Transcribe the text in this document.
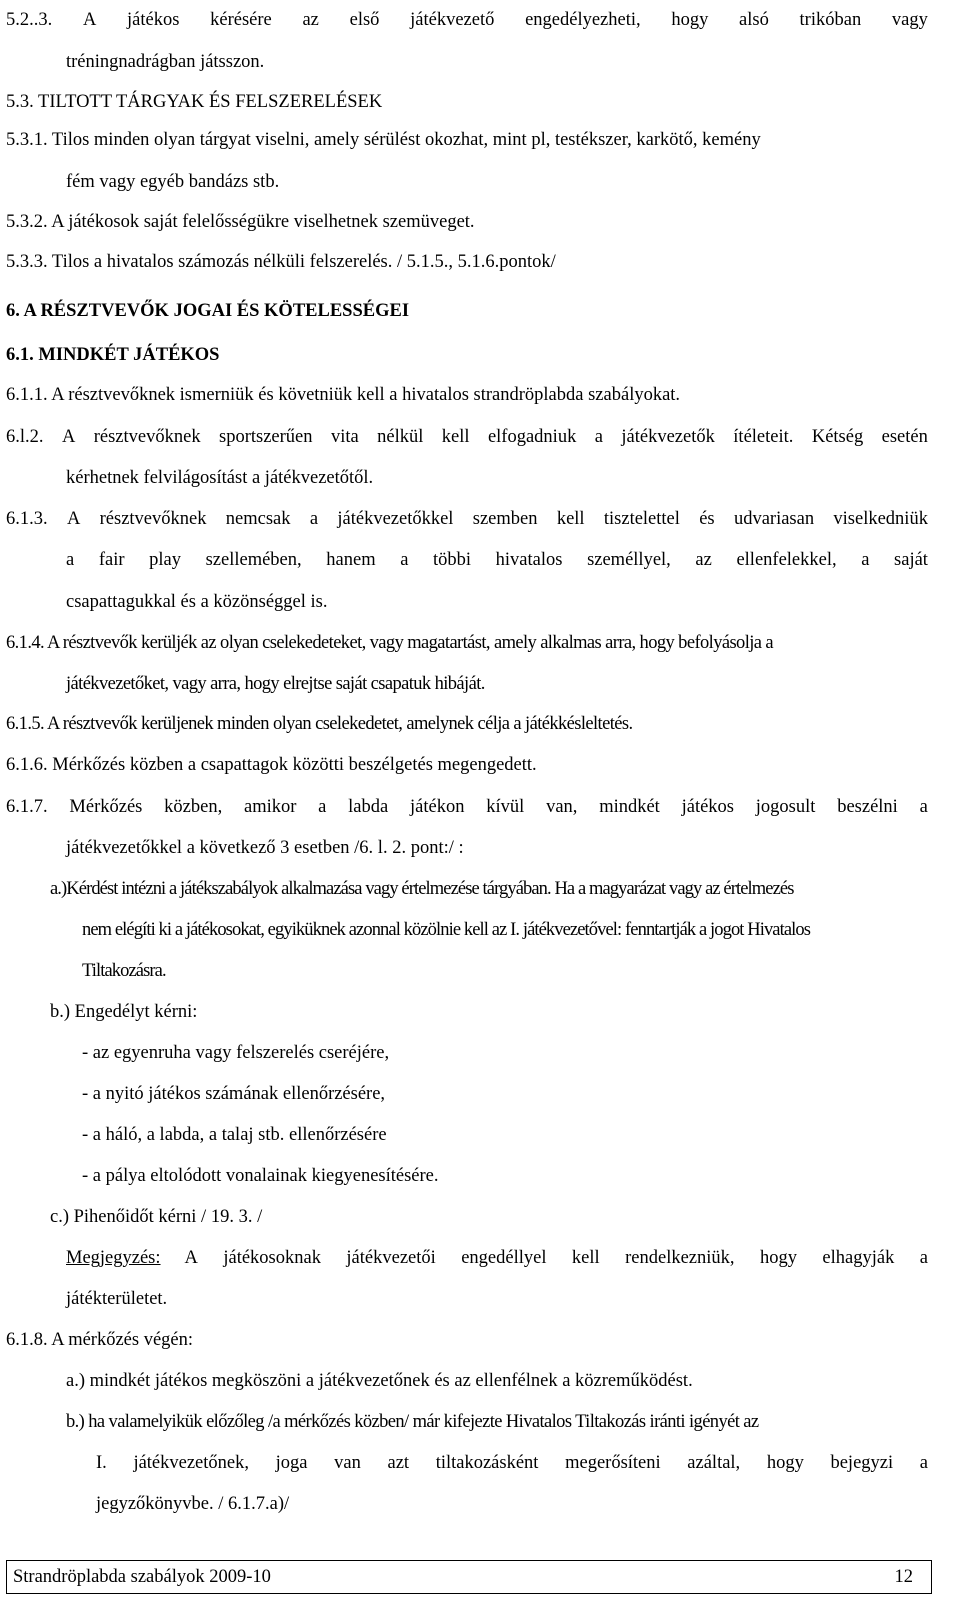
5.2..3. A játékos kérésére az első játékvezető engedélyezheti, hogy alsó trikóban vagy
tréningnadrágban játsszon.
5.3. TILTOTT TÁRGYAK ÉS FELSZERELÉSEK
5.3.1. Tilos minden olyan tárgyat viselni, amely sérülést okozhat, mint pl, testékszer, karkötő, kemény
fém vagy egyéb bandázs stb.
5.3.2. A játékosok saját felelősségükre viselhetnek szemüveget.
5.3.3. Tilos a hivatalos számozás nélküli felszerelés. / 5.1.5., 5.1.6.pontok/
6. A RÉSZTVEVŐK JOGAI ÉS KÖTELESSÉGEI
6.1. MINDKÉT JÁTÉKOS
6.1.1. A résztvevőknek ismerniük és követniük kell a hivatalos strandröplabda szabályokat.
6.l.2. A résztvevőknek sportszerűen vita nélkül kell elfogadniuk a játékvezetők ítéleteit. Kétség esetén
kérhetnek felvilágosítást a játékvezetőtől.
6.1.3. A résztvevőknek nemcsak a játékvezetőkkel szemben kell tisztelettel és udvariasan viselkedniük
a fair play szellemében, hanem a többi hivatalos személlyel, az ellenfelekkel, a saját
csapattagukkal és a közönséggel is.
6.1.4. A résztvevők kerüljék az olyan cselekedeteket, vagy magatartást, amely alkalmas arra, hogy befolyásolja a
játékvezetőket, vagy arra, hogy elrejtse saját csapatuk hibáját.
6.1.5. A résztvevők kerüljenek minden olyan cselekedetet, amelynek célja a játékkésleltetés.
6.1.6. Mérkőzés közben a csapattagok közötti beszélgetés megengedett.
6.1.7. Mérkőzés közben, amikor a labda játékon kívül van, mindkét játékos jogosult beszélni a
játékvezetőkkel a következő 3 esetben /6. l. 2. pont:/ :
a.)Kérdést intézni a játékszabályok alkalmazása vagy értelmezése tárgyában. Ha a magyarázat vagy az értelmezés
nem elégíti ki a játékosokat, egyiküknek azonnal közölnie kell az I. játékvezetővel: fenntartják a jogot Hivatalos
Tiltakozásra.
b.) Engedélyt kérni:
- az egyenruha vagy felszerelés cseréjére,
- a nyitó játékos számának ellenőrzésére,
- a háló, a labda, a talaj stb. ellenőrzésére
- a pálya eltolódott vonalainak kiegyenesítésére.
c.) Pihenőidőt kérni / 19. 3. /
Megjegyzés: A játékosoknak játékvezetői engedéllyel kell rendelkezniük, hogy elhagyják a
játékterületet.
6.1.8. A mérkőzés végén:
a.) mindkét játékos megköszöni a játékvezetőnek és az ellenfélnek a közreműködést.
b.) ha valamelyikük előzőleg /a mérkőzés közben/ már kifejezte Hivatalos Tiltakozás iránti igényét az
I. játékvezetőnek, joga van azt tiltakozásként megerősíteni azáltal, hogy bejegyzi a
jegyzőkönyvbe. / 6.1.7.a)/
Strandröplabda szabályok 2009-10	12
